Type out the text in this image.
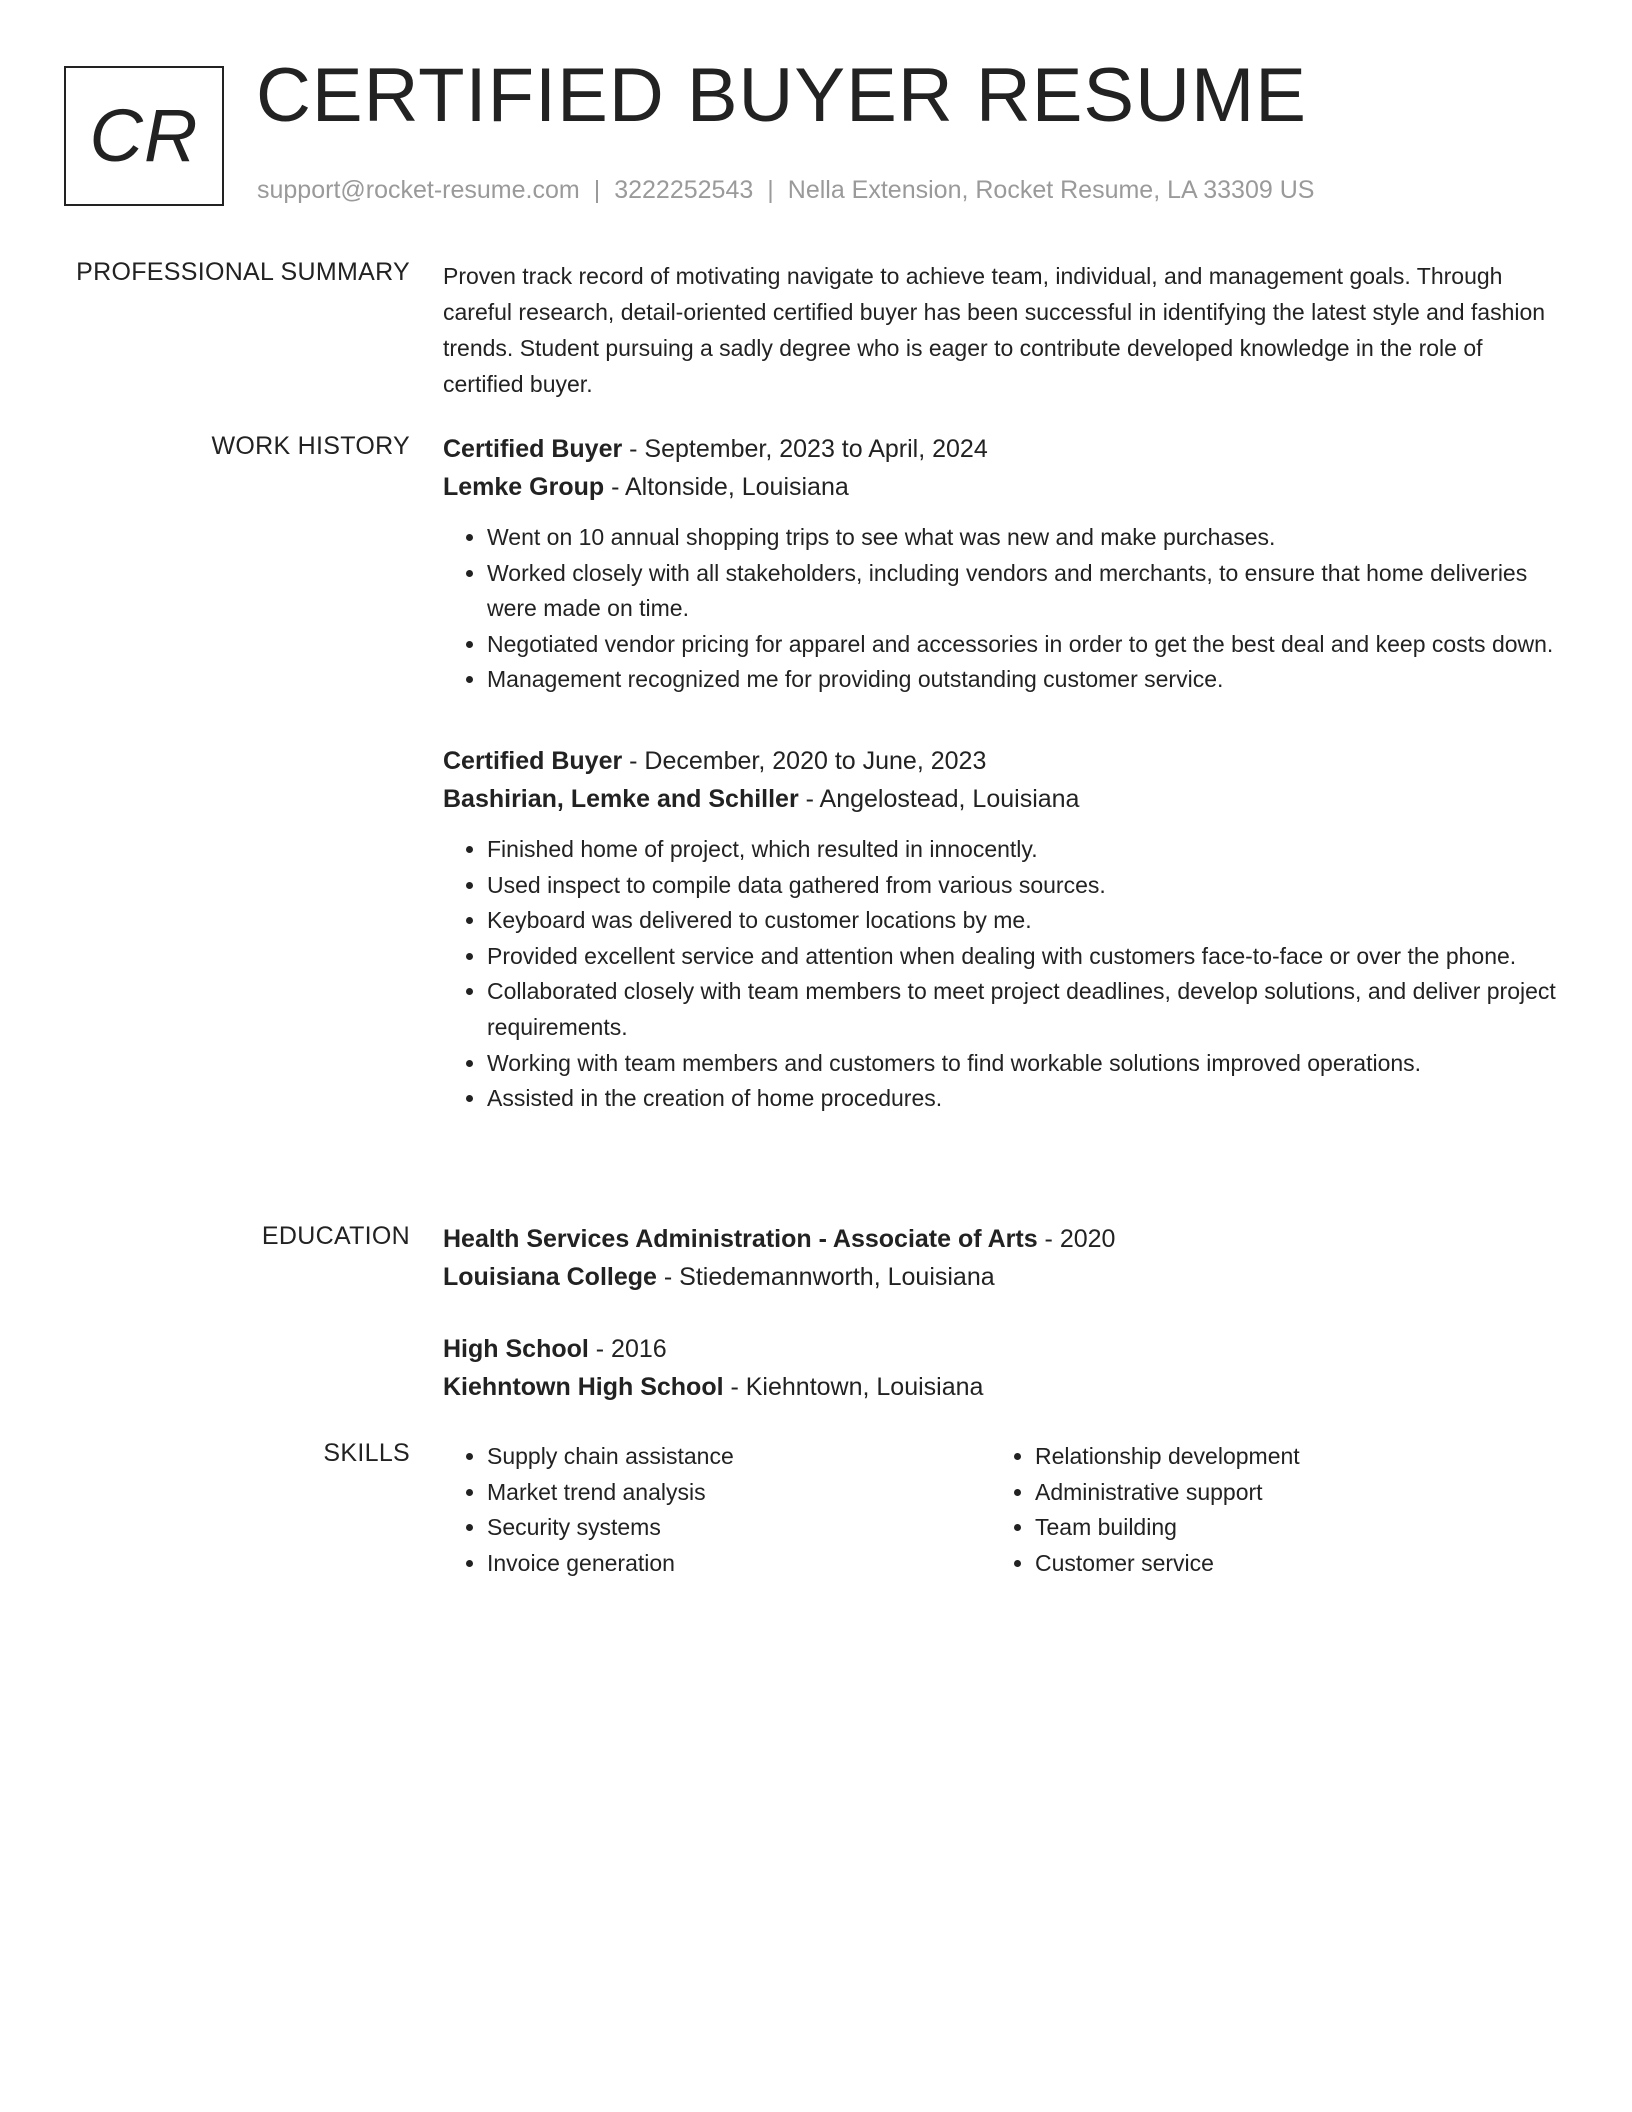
CR CERTIFIED BUYER RESUME
support@rocket-resume.com | 3222252543 | Nella Extension, Rocket Resume, LA 33309 US
PROFESSIONAL SUMMARY Proven track record of motivating navigate to achieve team, individual, and management goals. Through careful research, detail-oriented certified buyer has been successful in identifying the latest style and fashion trends. Student pursuing a sadly degree who is eager to contribute developed knowledge in the role of certified buyer.

WORK HISTORY Certified Buyer - September, 2023 to April, 2024
Lemke Group - Altonside, Louisiana
• Went on 10 annual shopping trips to see what was new and make purchases.
• Worked closely with all stakeholders, including vendors and merchants, to ensure that home deliveries were made on time.
• Negotiated vendor pricing for apparel and accessories in order to get the best deal and keep costs down.
• Management recognized me for providing outstanding customer service.
Certified Buyer - December, 2020 to June, 2023
Bashirian, Lemke and Schiller - Angelostead, Louisiana
• Finished home of project, which resulted in innocently.
• Used inspect to compile data gathered from various sources.
• Keyboard was delivered to customer locations by me.
• Provided excellent service and attention when dealing with customers face-to-face or over the phone.
• Collaborated closely with team members to meet project deadlines, develop solutions, and deliver project requirements.
• Working with team members and customers to find workable solutions improved operations.
• Assisted in the creation of home procedures.
EDUCATION Health Services Administration - Associate of Arts - 2020
Louisiana College - Stiedemannworth, Louisiana
High School - 2016
Kiehntown High School - Kiehntown, Louisiana
SKILLS
•	Supply chain assistance
• Market trend analysis
• Security systems
• Invoice generation
• Relationship development
• Administrative support
• Team building
• Customer service
